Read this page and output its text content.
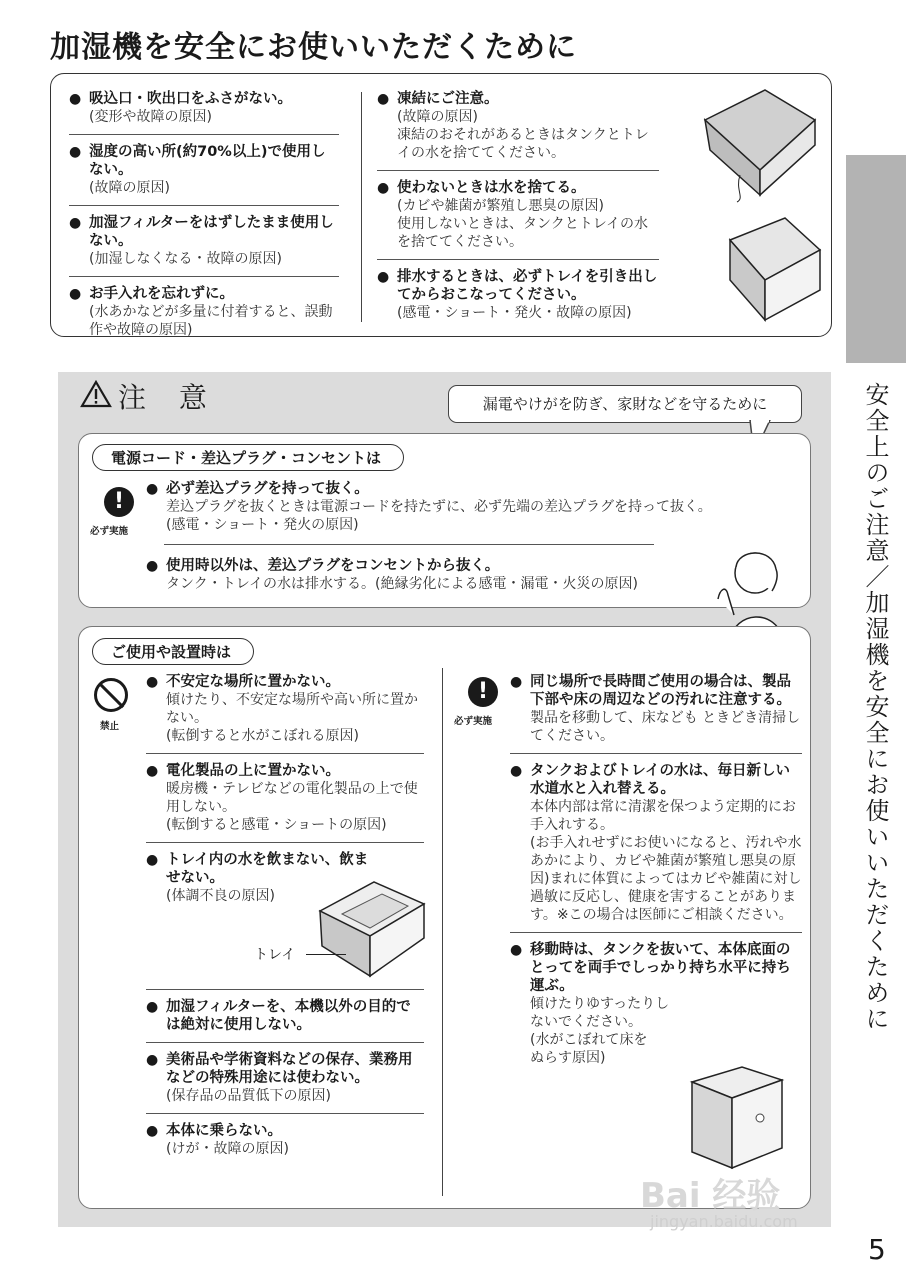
加湿機を安全にお使いいただくために
● 吸込口・吹出口をふさがない。
(変形や故障の原因)
● 湿度の高い所(約70%以上)で使用しない。
(故障の原因)
● 加湿フィルターをはずしたまま使用しない。
(加湿しなくなる・故障の原因)
● お手入れを忘れずに。
(水あかなどが多量に付着すると、誤動作や故障の原因)
● 凍結にご注意。
(故障の原因)
凍結のおそれがあるときはタンクとトレイの水を捨ててください。
● 使わないときは水を捨てる。
(カビや雑菌が繁殖し悪臭の原因)
使用しないときは、タンクとトレイの水を捨ててください。
● 排水するときは、必ずトレイを引き出してからおこなってください。
(感電・ショート・発火・故障の原因)
安全上のご注意／加湿機を安全にお使いいただくために
注 意	漏電やけがを防ぎ、家財などを守るために
電源コード・差込プラグ・コンセントは
!
必ず実施
● 必ず差込プラグを持って抜く。
差込プラグを抜くときは電源コードを持たずに、必ず先端の差込プラグを持って抜く。
(感電・ショート・発火の原因)
● 使用時以外は、差込プラグをコンセントから抜く。
タンク・トレイの水は排水する。(絶縁劣化による感電・漏電・火災の原因)
ご使用や設置時は
禁止
● 不安定な場所に置かない。
傾けたり、不安定な場所や高い所に置かない。
(転倒すると水がこぼれる原因)
● 電化製品の上に置かない。
暖房機・テレビなどの電化製品の上で使用しない。
(転倒すると感電・ショートの原因)
● トレイ内の水を飲まない、飲ませない。
(体調不良の原因)
● 加湿フィルターを、本機以外の目的では絶対に使用しない。
● 美術品や学術資料などの保存、業務用などの特殊用途には使わない。
(保存品の品質低下の原因)
● 本体に乗らない。
(けが・故障の原因)
トレイ
!
必ず実施
● 同じ場所で長時間ご使用の場合は、製品下部や床の周辺などの汚れに注意する。
製品を移動して、床なども ときどき清掃してください。
● タンクおよびトレイの水は、毎日新しい水道水と入れ替える。
本体内部は常に清潔を保つよう定期的にお手入れする。
(お手入れせずにお使いになると、汚れや水あかにより、カビや雑菌が繁殖し悪臭の原因)まれに体質によってはカビや雑菌に対し過敏に反応し、健康を害することがあります。※この場合は医師にご相談ください。
● 移動時は、タンクを抜いて、本体底面のとってを両手でしっかり持ち水平に持ち運ぶ。
傾けたりゆすったりしないでください。
(水がこぼれて床をぬらす原因)
Bai 经验
jingyan.baidu.com
5
